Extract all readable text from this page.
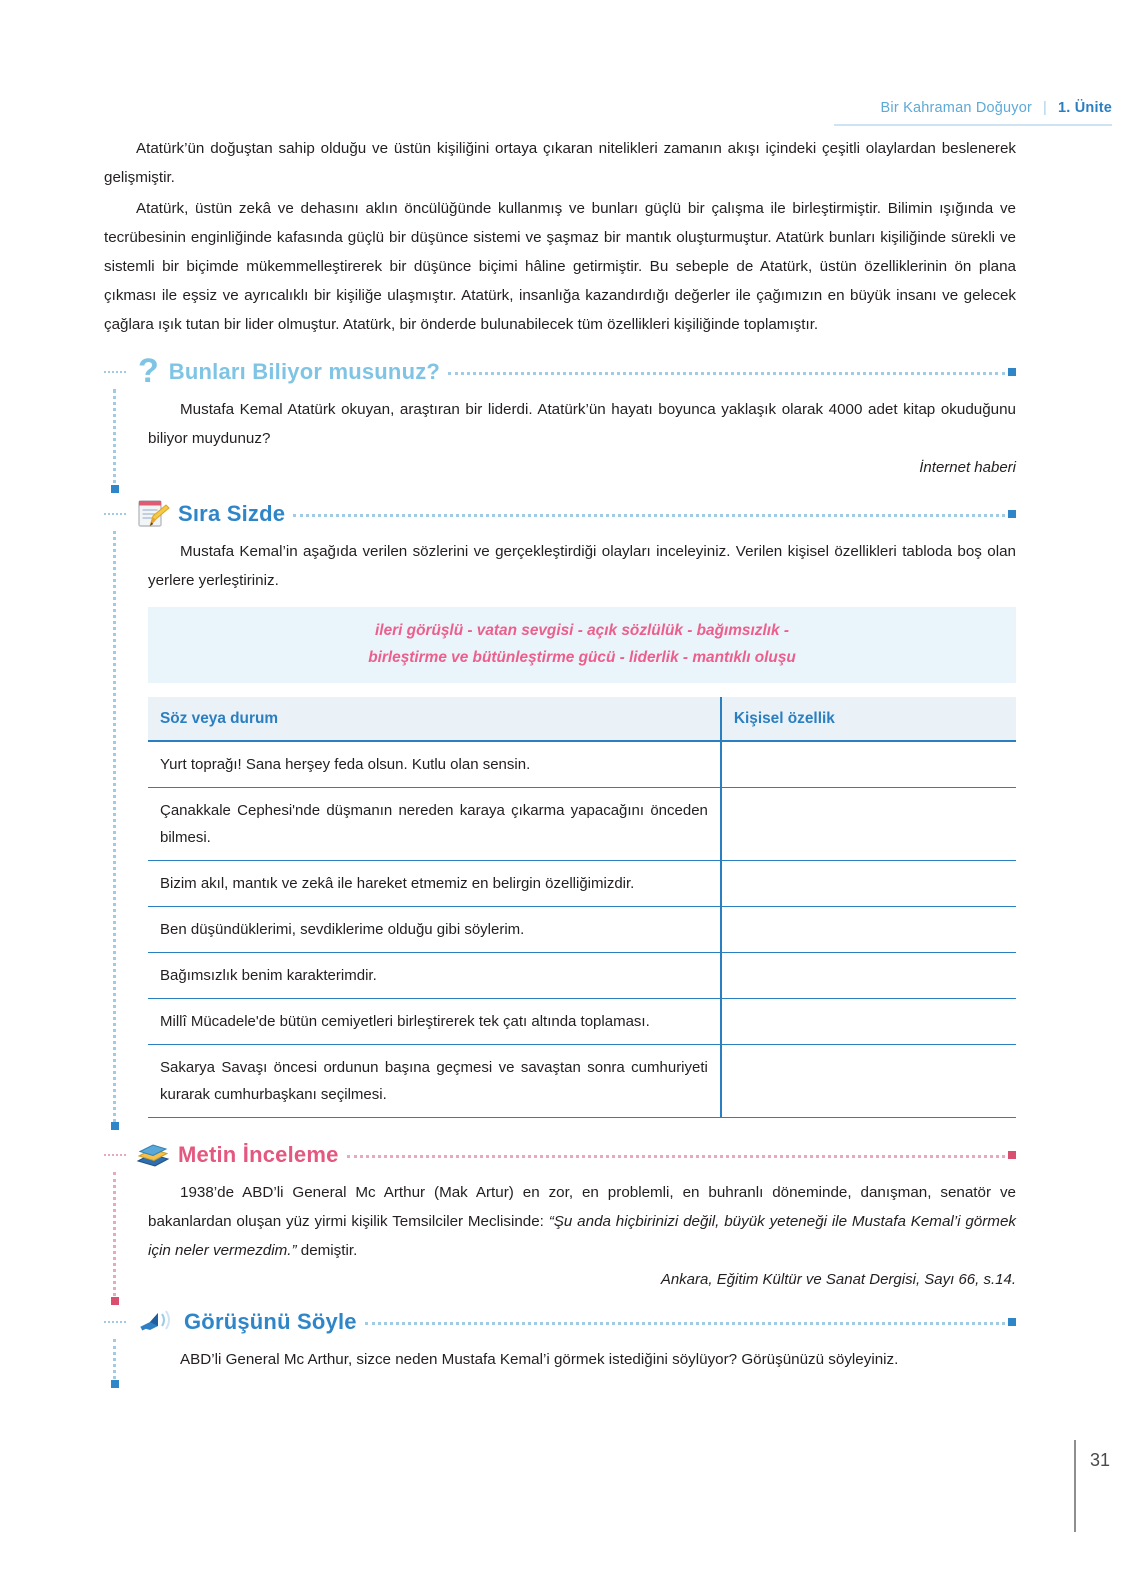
Bir Kahraman Doğuyor | 1. Ünite

Atatürk’ün doğuştan sahip olduğu ve üstün kişiliğini ortaya çıkaran nitelikleri zamanın akışı içindeki çeşitli olaylardan beslenerek gelişmiştir.

Atatürk, üstün zekâ ve dehasını aklın öncülüğünde kullanmış ve bunları güçlü bir çalışma ile birleştirmiştir. Bilimin ışığında ve tecrübesinin enginliğinde kafasında güçlü bir düşünce sistemi ve şaşmaz bir mantık oluşturmuştur. Atatürk bunları kişiliğinde sürekli ve sistemli bir biçimde mükemmelleştirerek bir düşünce biçimi hâline getirmiştir. Bu sebeple de Atatürk, üstün özelliklerinin ön plana çıkması ile eşsiz ve ayrıcalıklı bir kişiliğe ulaşmıştır. Atatürk, insanlığa kazandırdığı değerler ile çağımızın en büyük insanı ve gelecek çağlara ışık tutan bir lider olmuştur. Atatürk, bir önderde bulunabilecek tüm özellikleri kişiliğinde toplamıştır.

? Bunları Biliyor musunuz?

Mustafa Kemal Atatürk okuyan, araştıran bir liderdi. Atatürk’ün hayatı boyunca yaklaşık olarak 4000 adet kitap okuduğunu biliyor muydunuz?

İnternet haberi

Sıra Sizde

Mustafa Kemal’in aşağıda verilen sözlerini ve gerçekleştirdiği olayları inceleyiniz. Verilen kişisel özellikleri tabloda boş olan yerlere yerleştiriniz.

ileri görüşlü - vatan sevgisi - açık sözlülük - bağımsızlık -
birleştirme ve bütünleştirme gücü - liderlik - mantıklı oluşu
Söz veya durum	Kişisel özellik
Yurt toprağı! Sana herşey feda olsun. Kutlu olan sensin.	
Çanakkale Cephesi'nde düşmanın nereden karaya çıkarma yapacağını önceden bilmesi.	
Bizim akıl, mantık ve zekâ ile hareket etmemiz en belirgin özelliğimizdir.	
Ben düşündüklerimi, sevdiklerime olduğu gibi söylerim.	
Bağımsızlık benim karakterimdir.	
Millî Mücadele'de bütün cemiyetleri birleştirerek tek çatı altında toplaması.	
Sakarya Savaşı öncesi ordunun başına geçmesi ve savaştan sonra cumhuriyeti kurarak cumhurbaşkanı seçilmesi.	
Metin İnceleme

1938’de ABD’li General Mc Arthur (Mak Artur) en zor, en problemli, en buhranlı döneminde, danışman, senatör ve bakanlardan oluşan yüz yirmi kişilik Temsilciler Meclisinde: “Şu anda hiçbirinizi değil, büyük yeteneği ile Mustafa Kemal’i görmek için neler vermezdim.” demiştir.

Ankara, Eğitim Kültür ve Sanat Dergisi, Sayı 66, s.14.

Görüşünü Söyle

ABD’li General Mc Arthur, sizce neden Mustafa Kemal’i görmek istediğini söylüyor? Görüşünüzü söyleyiniz.

31
